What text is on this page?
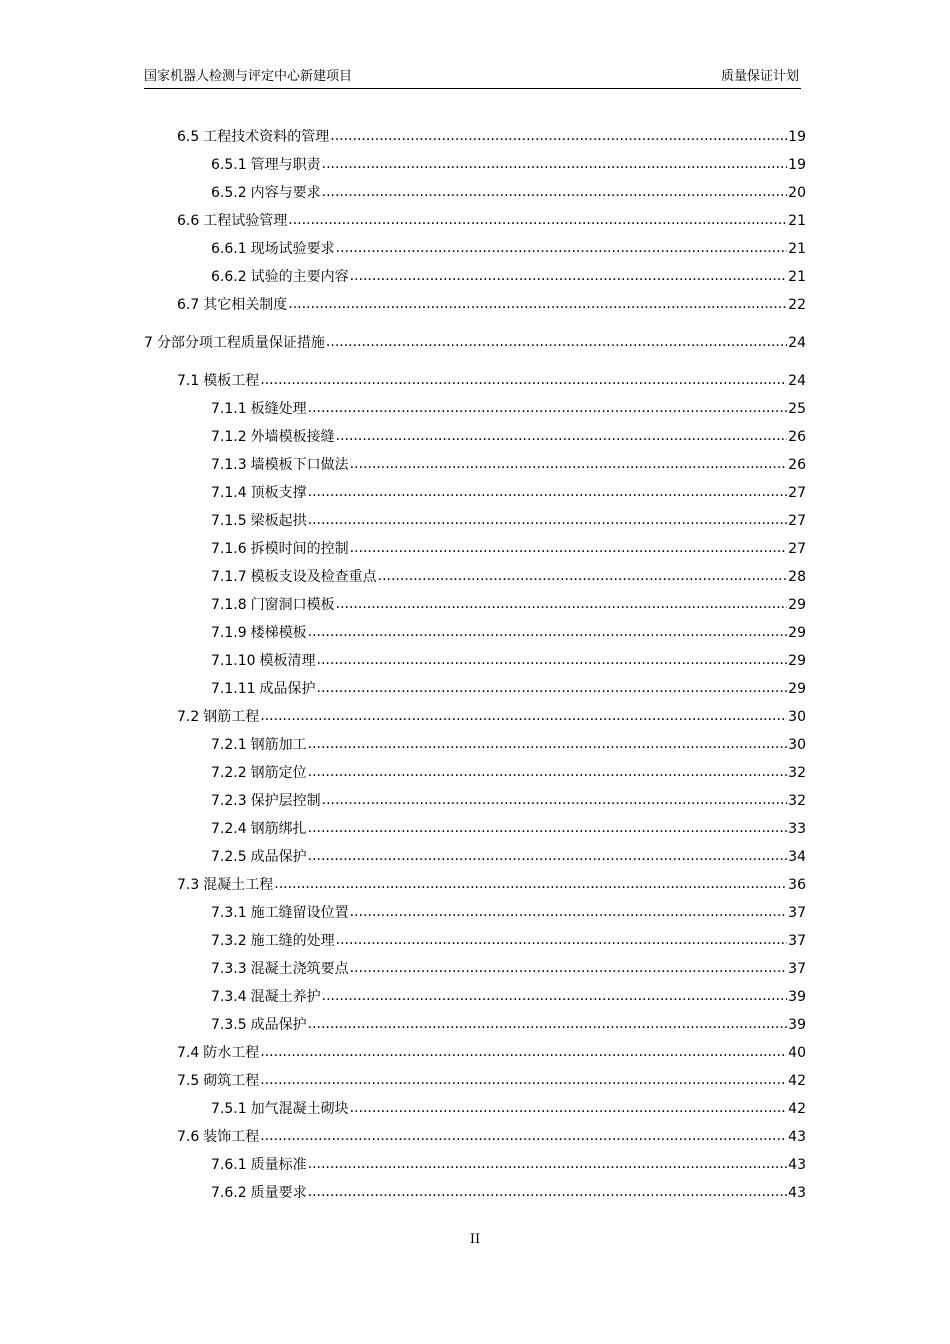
国家机器人检测与评定中心新建项目	质量保证计划
6.5 工程技术资料的管理 .....	19
6.5.1 管理与职责 .....	19
6.5.2 内容与要求 .....	20
6.6 工程试验管理 .....	21
6.6.1 现场试验要求 .....	21
6.6.2 试验的主要内容 .....	21
6.7 其它相关制度 .....	22
7 分部分项工程质量保证措施 .....	24
7.1 模板工程 .....	24
7.1.1 板缝处理 .....	25
7.1.2 外墙模板接缝 .....	26
7.1.3 墙模板下口做法 .....	26
7.1.4 顶板支撑 .....	27
7.1.5 梁板起拱 .....	27
7.1.6 拆模时间的控制 .....	27
7.1.7 模板支设及检查重点 .....	28
7.1.8 门窗洞口模板 .....	29
7.1.9 楼梯模板 .....	29
7.1.10 模板清理 .....	29
7.1.11 成品保护 .....	29
7.2 钢筋工程 .....	30
7.2.1 钢筋加工 .....	30
7.2.2 钢筋定位 .....	32
7.2.3 保护层控制 .....	32
7.2.4 钢筋绑扎 .....	33
7.2.5 成品保护 .....	34
7.3 混凝土工程 .....	36
7.3.1 施工缝留设位置 .....	37
7.3.2 施工缝的处理 .....	37
7.3.3 混凝土浇筑要点 .....	37
7.3.4 混凝土养护 .....	39
7.3.5 成品保护 .....	39
7.4 防水工程 .....	40
7.5 砌筑工程 .....	42
7.5.1 加气混凝土砌块 .....	42
7.6 装饰工程 .....	43
7.6.1 质量标准 .....	43
7.6.2 质量要求 .....	43
II
